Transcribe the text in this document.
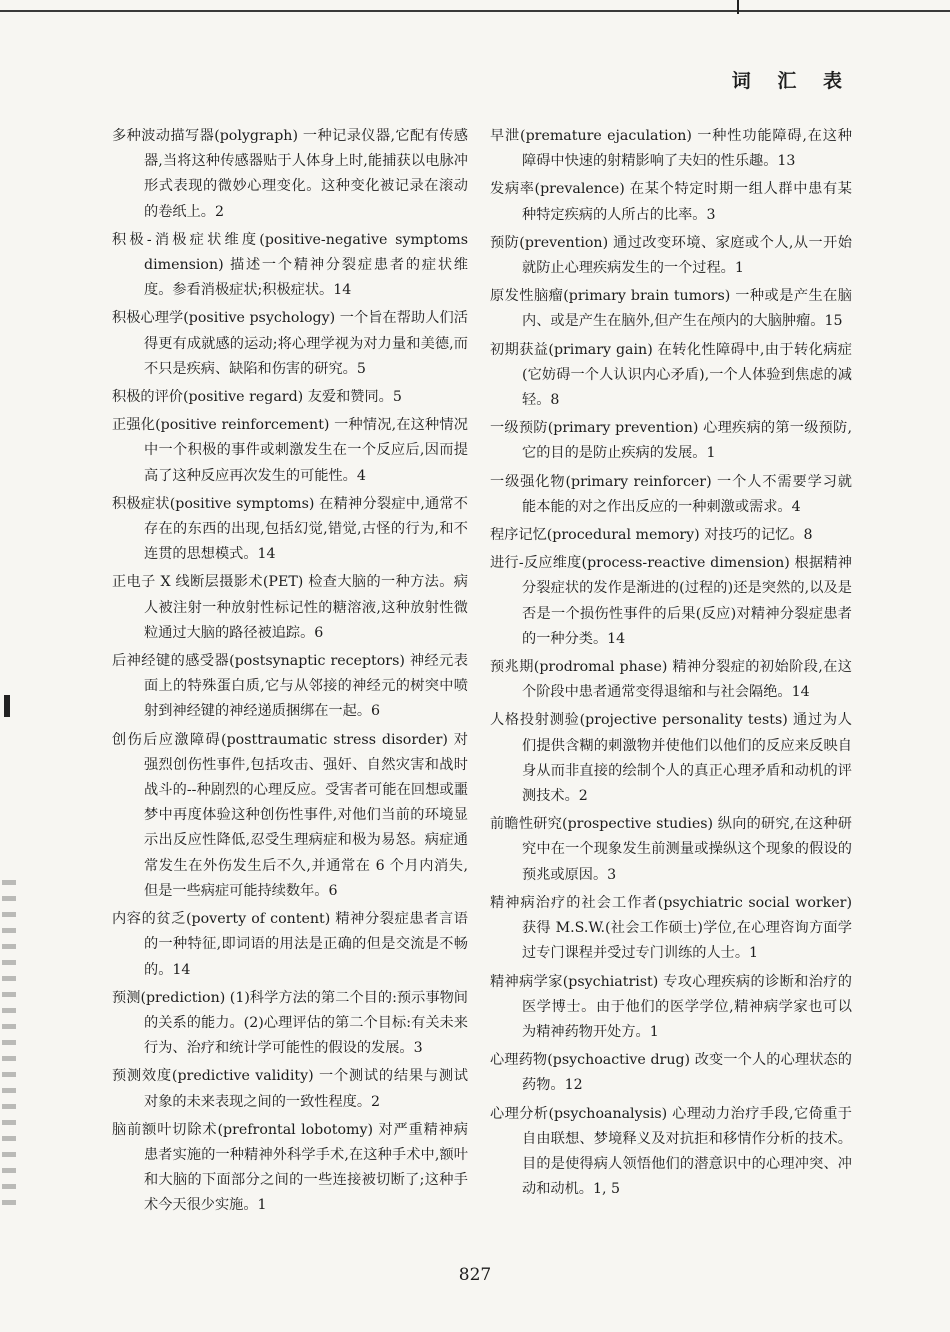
词 汇 表

多种波动描写器(polygraph) 一种记录仪器,它配有传感器,当将这种传感器贴于人体身上时,能捕获以电脉冲形式表现的微妙心理变化。这种变化被记录在滚动的卷纸上。2

积极-消极症状维度(positive-negative symptoms dimension) 描述一个精神分裂症患者的症状维度。参看消极症状;积极症状。14

积极心理学(positive psychology) 一个旨在帮助人们活得更有成就感的运动;将心理学视为对力量和美德,而不只是疾病、缺陷和伤害的研究。5

积极的评价(positive regard) 友爱和赞同。5

正强化(positive reinforcement) 一种情况,在这种情况中一个积极的事件或刺激发生在一个反应后,因而提高了这种反应再次发生的可能性。4

积极症状(positive symptoms) 在精神分裂症中,通常不存在的东西的出现,包括幻觉,错觉,古怪的行为,和不连贯的思想模式。14

正电子 X 线断层摄影术(PET) 检查大脑的一种方法。病人被注射一种放射性标记性的糖溶液,这种放射性微粒通过大脑的路径被追踪。6

后神经键的感受器(postsynaptic receptors) 神经元表面上的特殊蛋白质,它与从邻接的神经元的树突中喷射到神经键的神经递质捆绑在一起。6

创伤后应激障碍(posttraumatic stress disorder) 对强烈创伤性事件,包括攻击、强奸、自然灾害和战时战斗的--种剧烈的心理反应。受害者可能在回想或噩梦中再度体验这种创伤性事件,对他们当前的环境显示出反应性降低,忍受生理病症和极为易怒。病症通常发生在外伤发生后不久,并通常在 6 个月内消失,但是一些病症可能持续数年。6

内容的贫乏(poverty of content) 精神分裂症患者言语的一种特征,即词语的用法是正确的但是交流是不畅的。14

预测(prediction) (1)科学方法的第二个目的:预示事物间的关系的能力。(2)心理评估的第二个目标:有关未来行为、治疗和统计学可能性的假设的发展。3

预测效度(predictive validity) 一个测试的结果与测试对象的未来表现之间的一致性程度。2

脑前额叶切除术(prefrontal lobotomy) 对严重精神病患者实施的一种精神外科学手术,在这种手术中,额叶和大脑的下面部分之间的一些连接被切断了;这种手术今天很少实施。1

早泄(premature ejaculation) 一种性功能障碍,在这种障碍中快速的射精影响了夫妇的性乐趣。13

发病率(prevalence) 在某个特定时期一组人群中患有某种特定疾病的人所占的比率。3

预防(prevention) 通过改变环境、家庭或个人,从一开始就防止心理疾病发生的一个过程。1

原发性脑瘤(primary brain tumors) 一种或是产生在脑内、或是产生在脑外,但产生在颅内的大脑肿瘤。15

初期获益(primary gain) 在转化性障碍中,由于转化病症(它妨碍一个人认识内心矛盾),一个人体验到焦虑的减轻。8

一级预防(primary prevention) 心理疾病的第一级预防,它的目的是防止疾病的发展。1

一级强化物(primary reinforcer) 一个人不需要学习就能本能的对之作出反应的一种刺激或需求。4

程序记忆(procedural memory) 对技巧的记忆。8

进行-反应维度(process-reactive dimension) 根据精神分裂症状的发作是渐进的(过程的)还是突然的,以及是否是一个损伤性事件的后果(反应)对精神分裂症患者的一种分类。14

预兆期(prodromal phase) 精神分裂症的初始阶段,在这个阶段中患者通常变得退缩和与社会隔绝。14

人格投射测验(projective personality tests) 通过为人们提供含糊的刺激物并使他们以他们的反应来反映自身从而非直接的绘制个人的真正心理矛盾和动机的评测技术。2

前瞻性研究(prospective studies) 纵向的研究,在这种研究中在一个现象发生前测量或操纵这个现象的假设的预兆或原因。3

精神病治疗的社会工作者(psychiatric social worker) 获得 M.S.W.(社会工作硕士)学位,在心理咨询方面学过专门课程并受过专门训练的人士。1

精神病学家(psychiatrist) 专攻心理疾病的诊断和治疗的医学博士。由于他们的医学学位,精神病学家也可以为精神药物开处方。1

心理药物(psychoactive drug) 改变一个人的心理状态的药物。12

心理分析(psychoanalysis) 心理动力治疗手段,它倚重于自由联想、梦境释义及对抗拒和移情作分析的技术。目的是使得病人领悟他们的潜意识中的心理冲突、冲动和动机。1, 5

827
